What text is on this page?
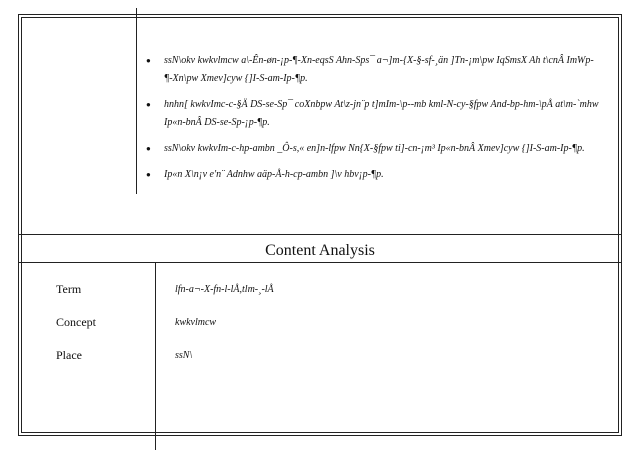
● ssN\okv kwkvlmcw a\-Ên-øn-¡p-¶-Xn-eqsS Ahn-Sps¯ a¬]m-{X-§-sf-¸än ]Tn-¡m\pw IqSmsX Ah t\cnÂ ImWp-¶-Xn\pw Xmev]cyw {]I-S-am-Ip-¶p.
● hnhn[ kwkvImc-c-§Ä DS-se-Sp¯ coXnbpw At\z-jn¨p t]mIm-\p--mb kml-N-cy-§fpw And-bp-hm-\pÅ at\m-`mhw Ip«n-bnÂ DS-se-Sp-¡p-¶p.
● ssN\okv kwkvIm-c-hp-ambn _Ô-s,« en]n-lfpw Nn{X-§fpw ti]-cn-¡m³ Ip«n-bnÂ Xmev]cyw {]I-S-am-Ip-¶p.
● Ip«n X\n¡v e'n¨ Adnhw aäp-Å-h-cp-ambn ]\v hbv¡p-¶p.
Content Analysis
Term	lfn-a¬-X-fn-l-lÅ,tlm-¸-lÅ
Concept	kwkvlmcw
Place	ssN\
